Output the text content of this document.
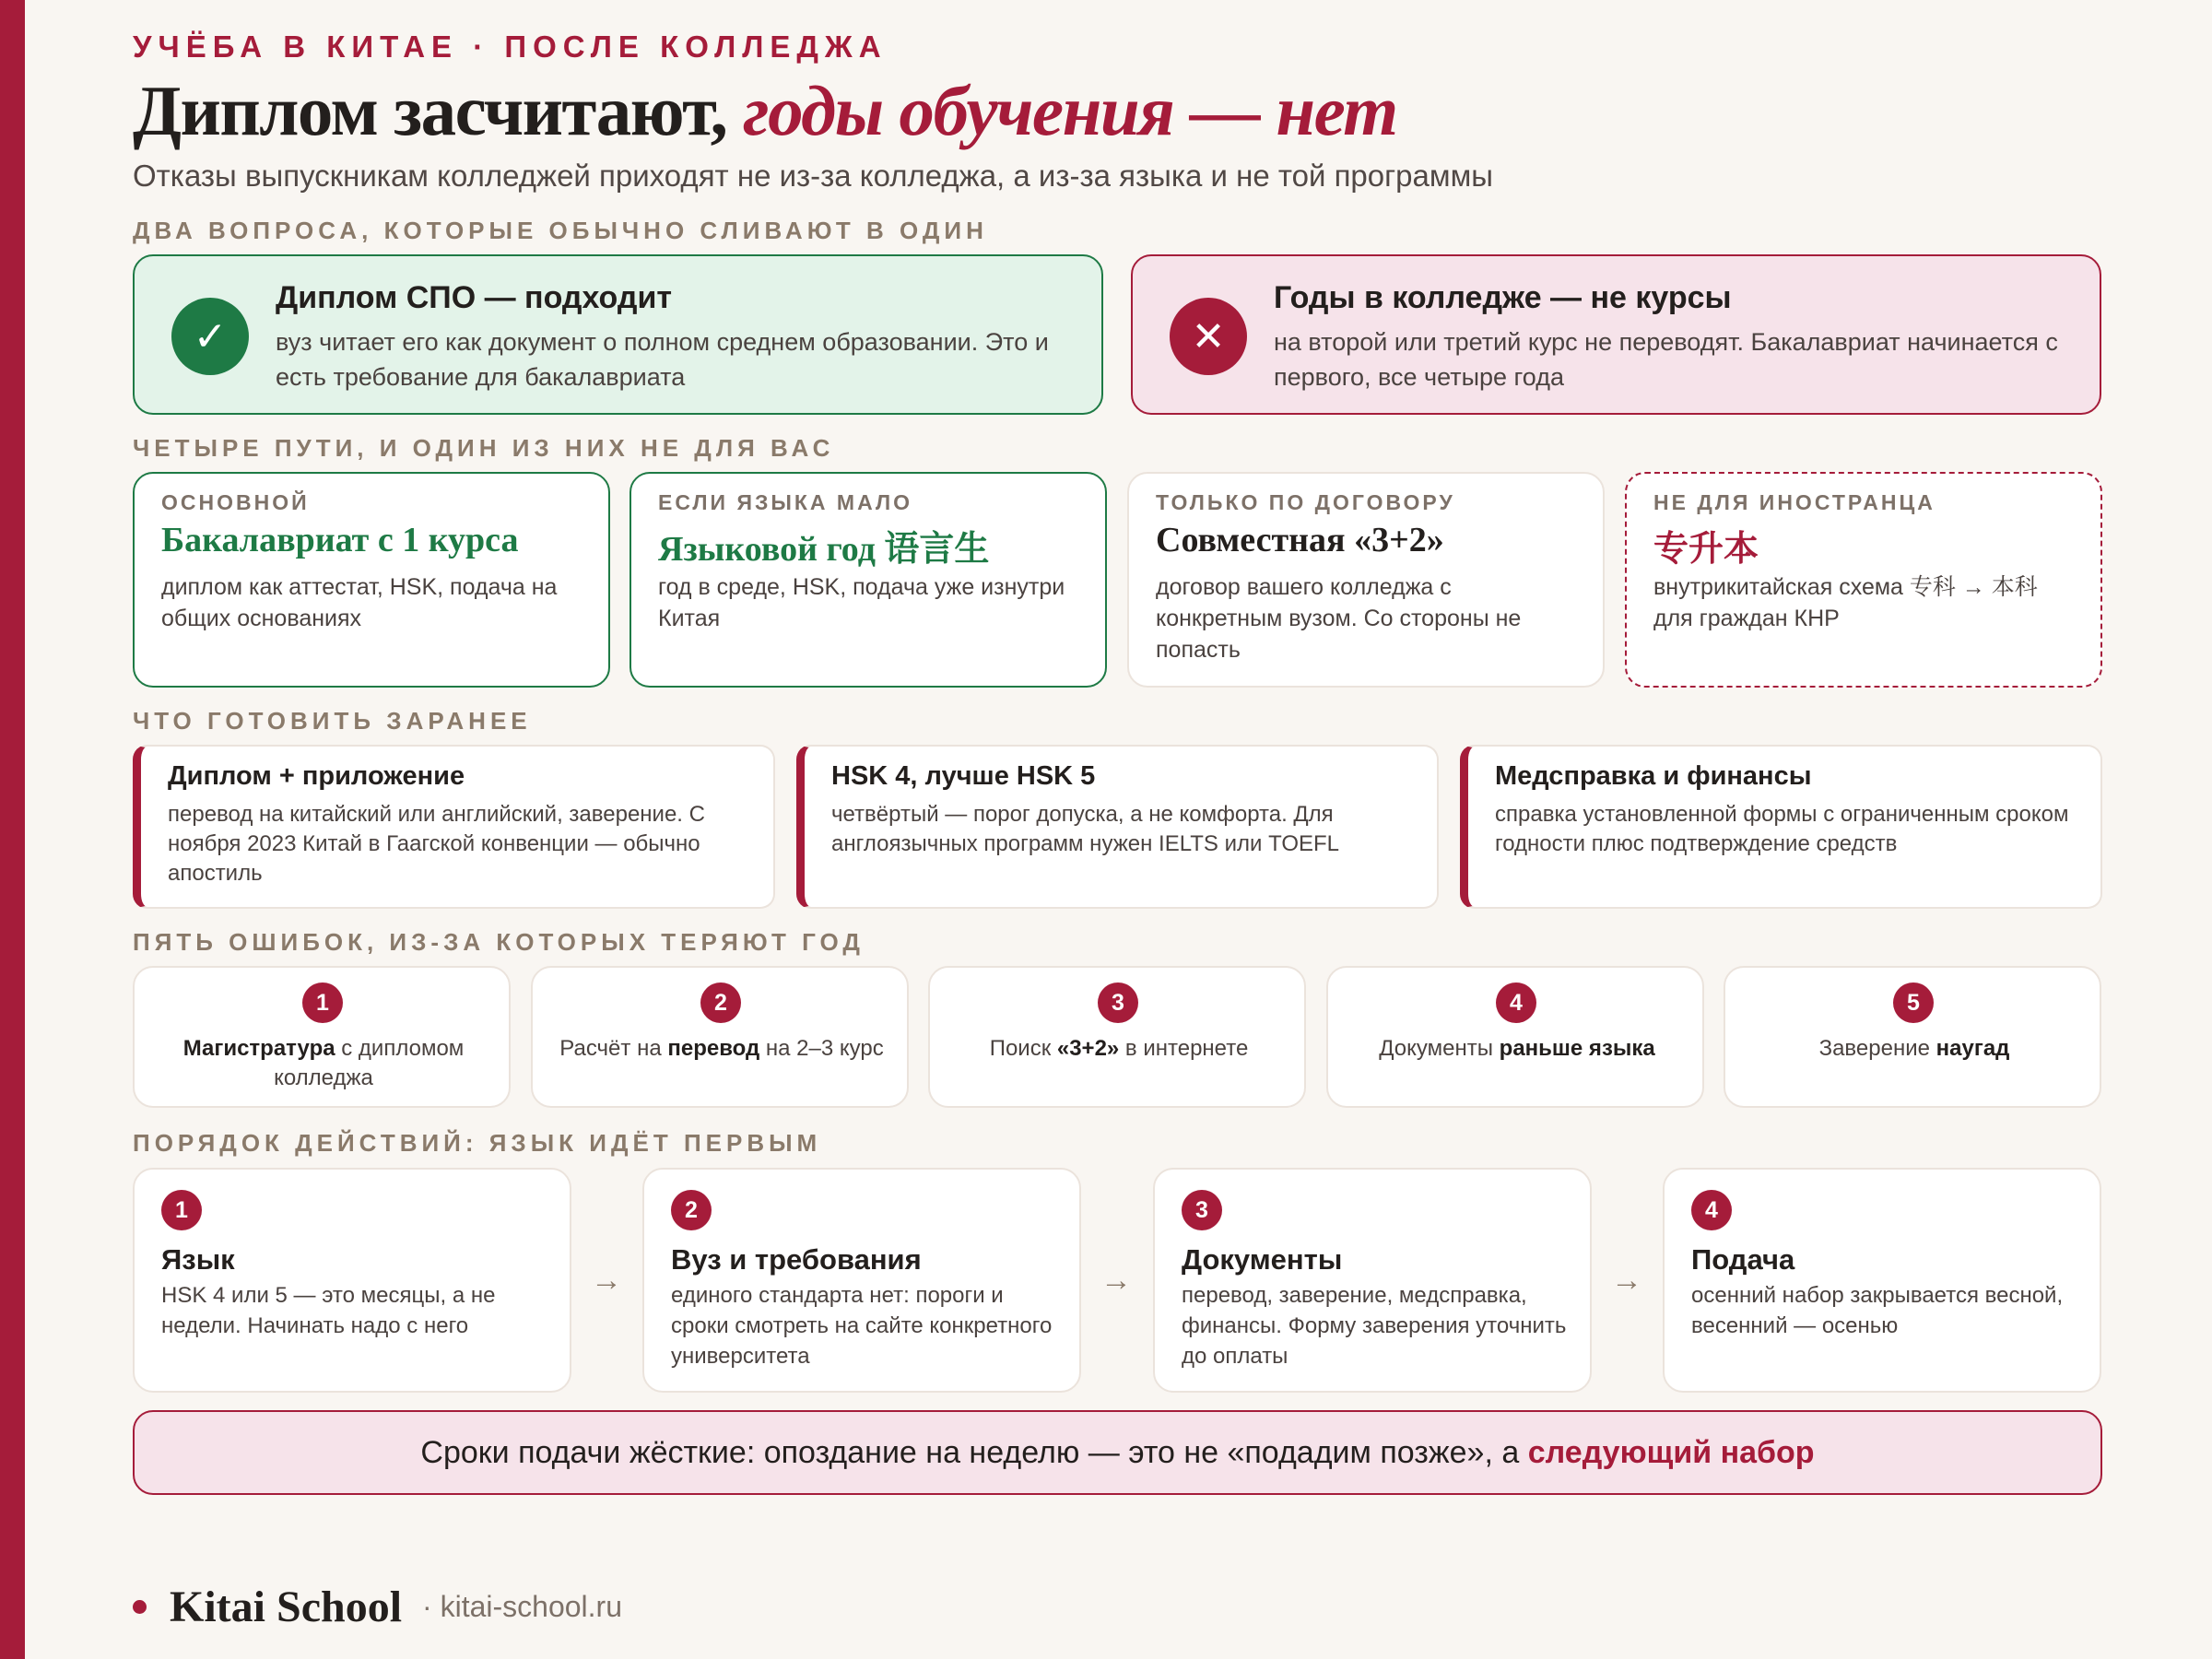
УЧЁБА В КИТАЕ · ПОСЛЕ КОЛЛЕДЖА
Диплом засчитают, годы обучения — нет
Отказы выпускникам колледжей приходят не из-за колледжа, а из-за языка и не той программы
ДВА ВОПРОСА, КОТОРЫЕ ОБЫЧНО СЛИВАЮТ В ОДИН
✓
Диплом СПО — подходит
вуз читает его как документ о полном среднем образовании. Это и есть требование для бакалавриата
✕
Годы в колледже — не курсы
на второй или третий курс не переводят. Бакалавриат начинается с первого, все четыре года
ЧЕТЫРЕ ПУТИ, И ОДИН ИЗ НИХ НЕ ДЛЯ ВАС
ОСНОВНОЙ
Бакалавриат с 1 курса
диплом как аттестат, HSK, подача на общих основаниях
ЕСЛИ ЯЗЫКА МАЛО
Языковой год 语言生
год в среде, HSK, подача уже изнутри Китая
ТОЛЬКО ПО ДОГОВОРУ
Совместная «3+2»
договор вашего колледжа с конкретным вузом. Со стороны не попасть
НЕ ДЛЯ ИНОСТРАНЦА
专升本
внутрикитайская схема 专科 → 本科 для граждан КНР
ЧТО ГОТОВИТЬ ЗАРАНЕЕ
Диплом + приложение
перевод на китайский или английский, заверение. С ноября 2023 Китай в Гаагской конвенции — обычно апостиль
HSK 4, лучше HSK 5
четвёртый — порог допуска, а не комфорта. Для англоязычных программ нужен IELTS или TOEFL
Медсправка и финансы
справка установленной формы с ограниченным сроком годности плюс подтверждение средств
ПЯТЬ ОШИБОК, ИЗ-ЗА КОТОРЫХ ТЕРЯЮТ ГОД
1
Магистратура с дипломом колледжа
2
Расчёт на перевод на 2–3 курс
3
Поиск «3+2» в интернете
4
Документы раньше языка
5
Заверение наугад
ПОРЯДОК ДЕЙСТВИЙ: ЯЗЫК ИДЁТ ПЕРВЫМ
1
Язык
HSK 4 или 5 — это месяцы, а не недели. Начинать надо с него
→
2
Вуз и требования
единого стандарта нет: пороги и сроки смотреть на сайте конкретного университета
→
3
Документы
перевод, заверение, медсправка, финансы. Форму заверения уточнить до оплаты
→
4
Подача
осенний набор закрывается весной, весенний — осенью
Сроки подачи жёсткие: опоздание на неделю — это не «подадим позже», а следующий набор
Kitai School · kitai-school.ru
